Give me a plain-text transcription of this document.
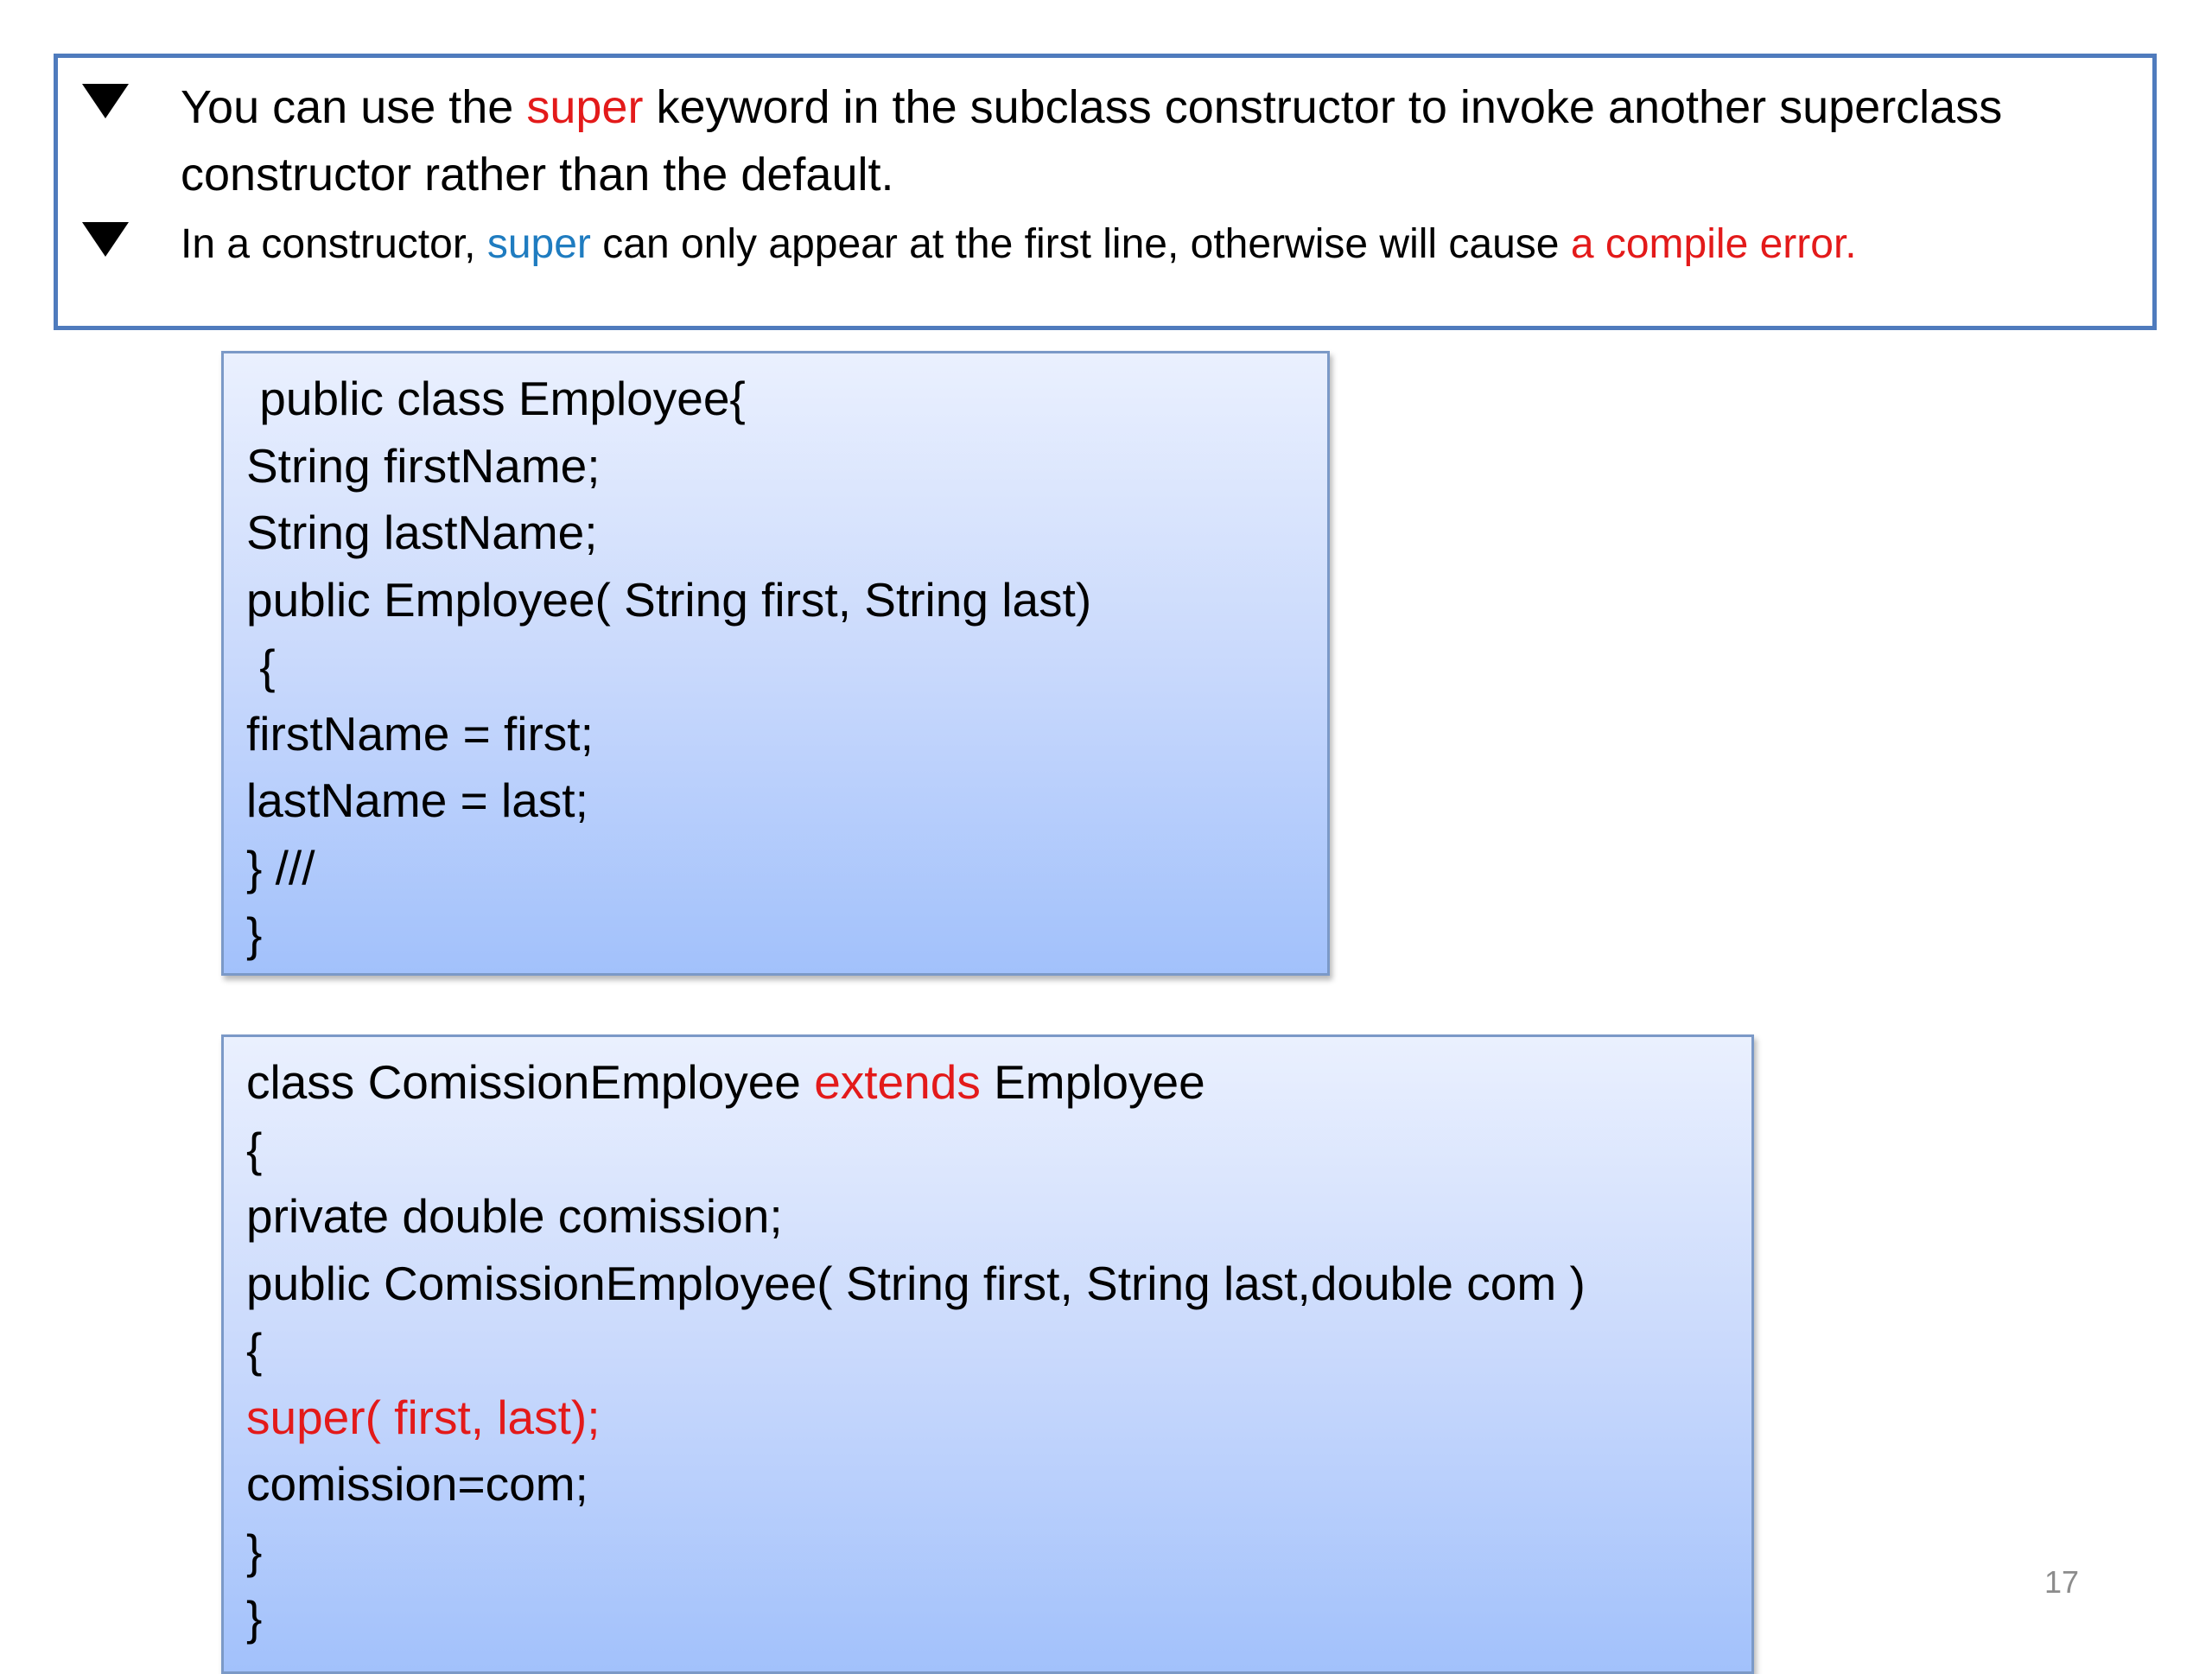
You can use the super keyword in the subclass constructor to invoke another superclass constructor rather than the default.
In a constructor, super can only appear at the first line, otherwise will cause a compile error.
public class Employee{
String firstName;
String lastName;
public Employee( String first, String last)
{
firstName = first;
lastName = last;
} ///
}
class ComissionEmployee extends Employee
{
private double comission;
public ComissionEmployee( String first, String last,double com )
{
super( first, last);
comission=com;
}
}
17
